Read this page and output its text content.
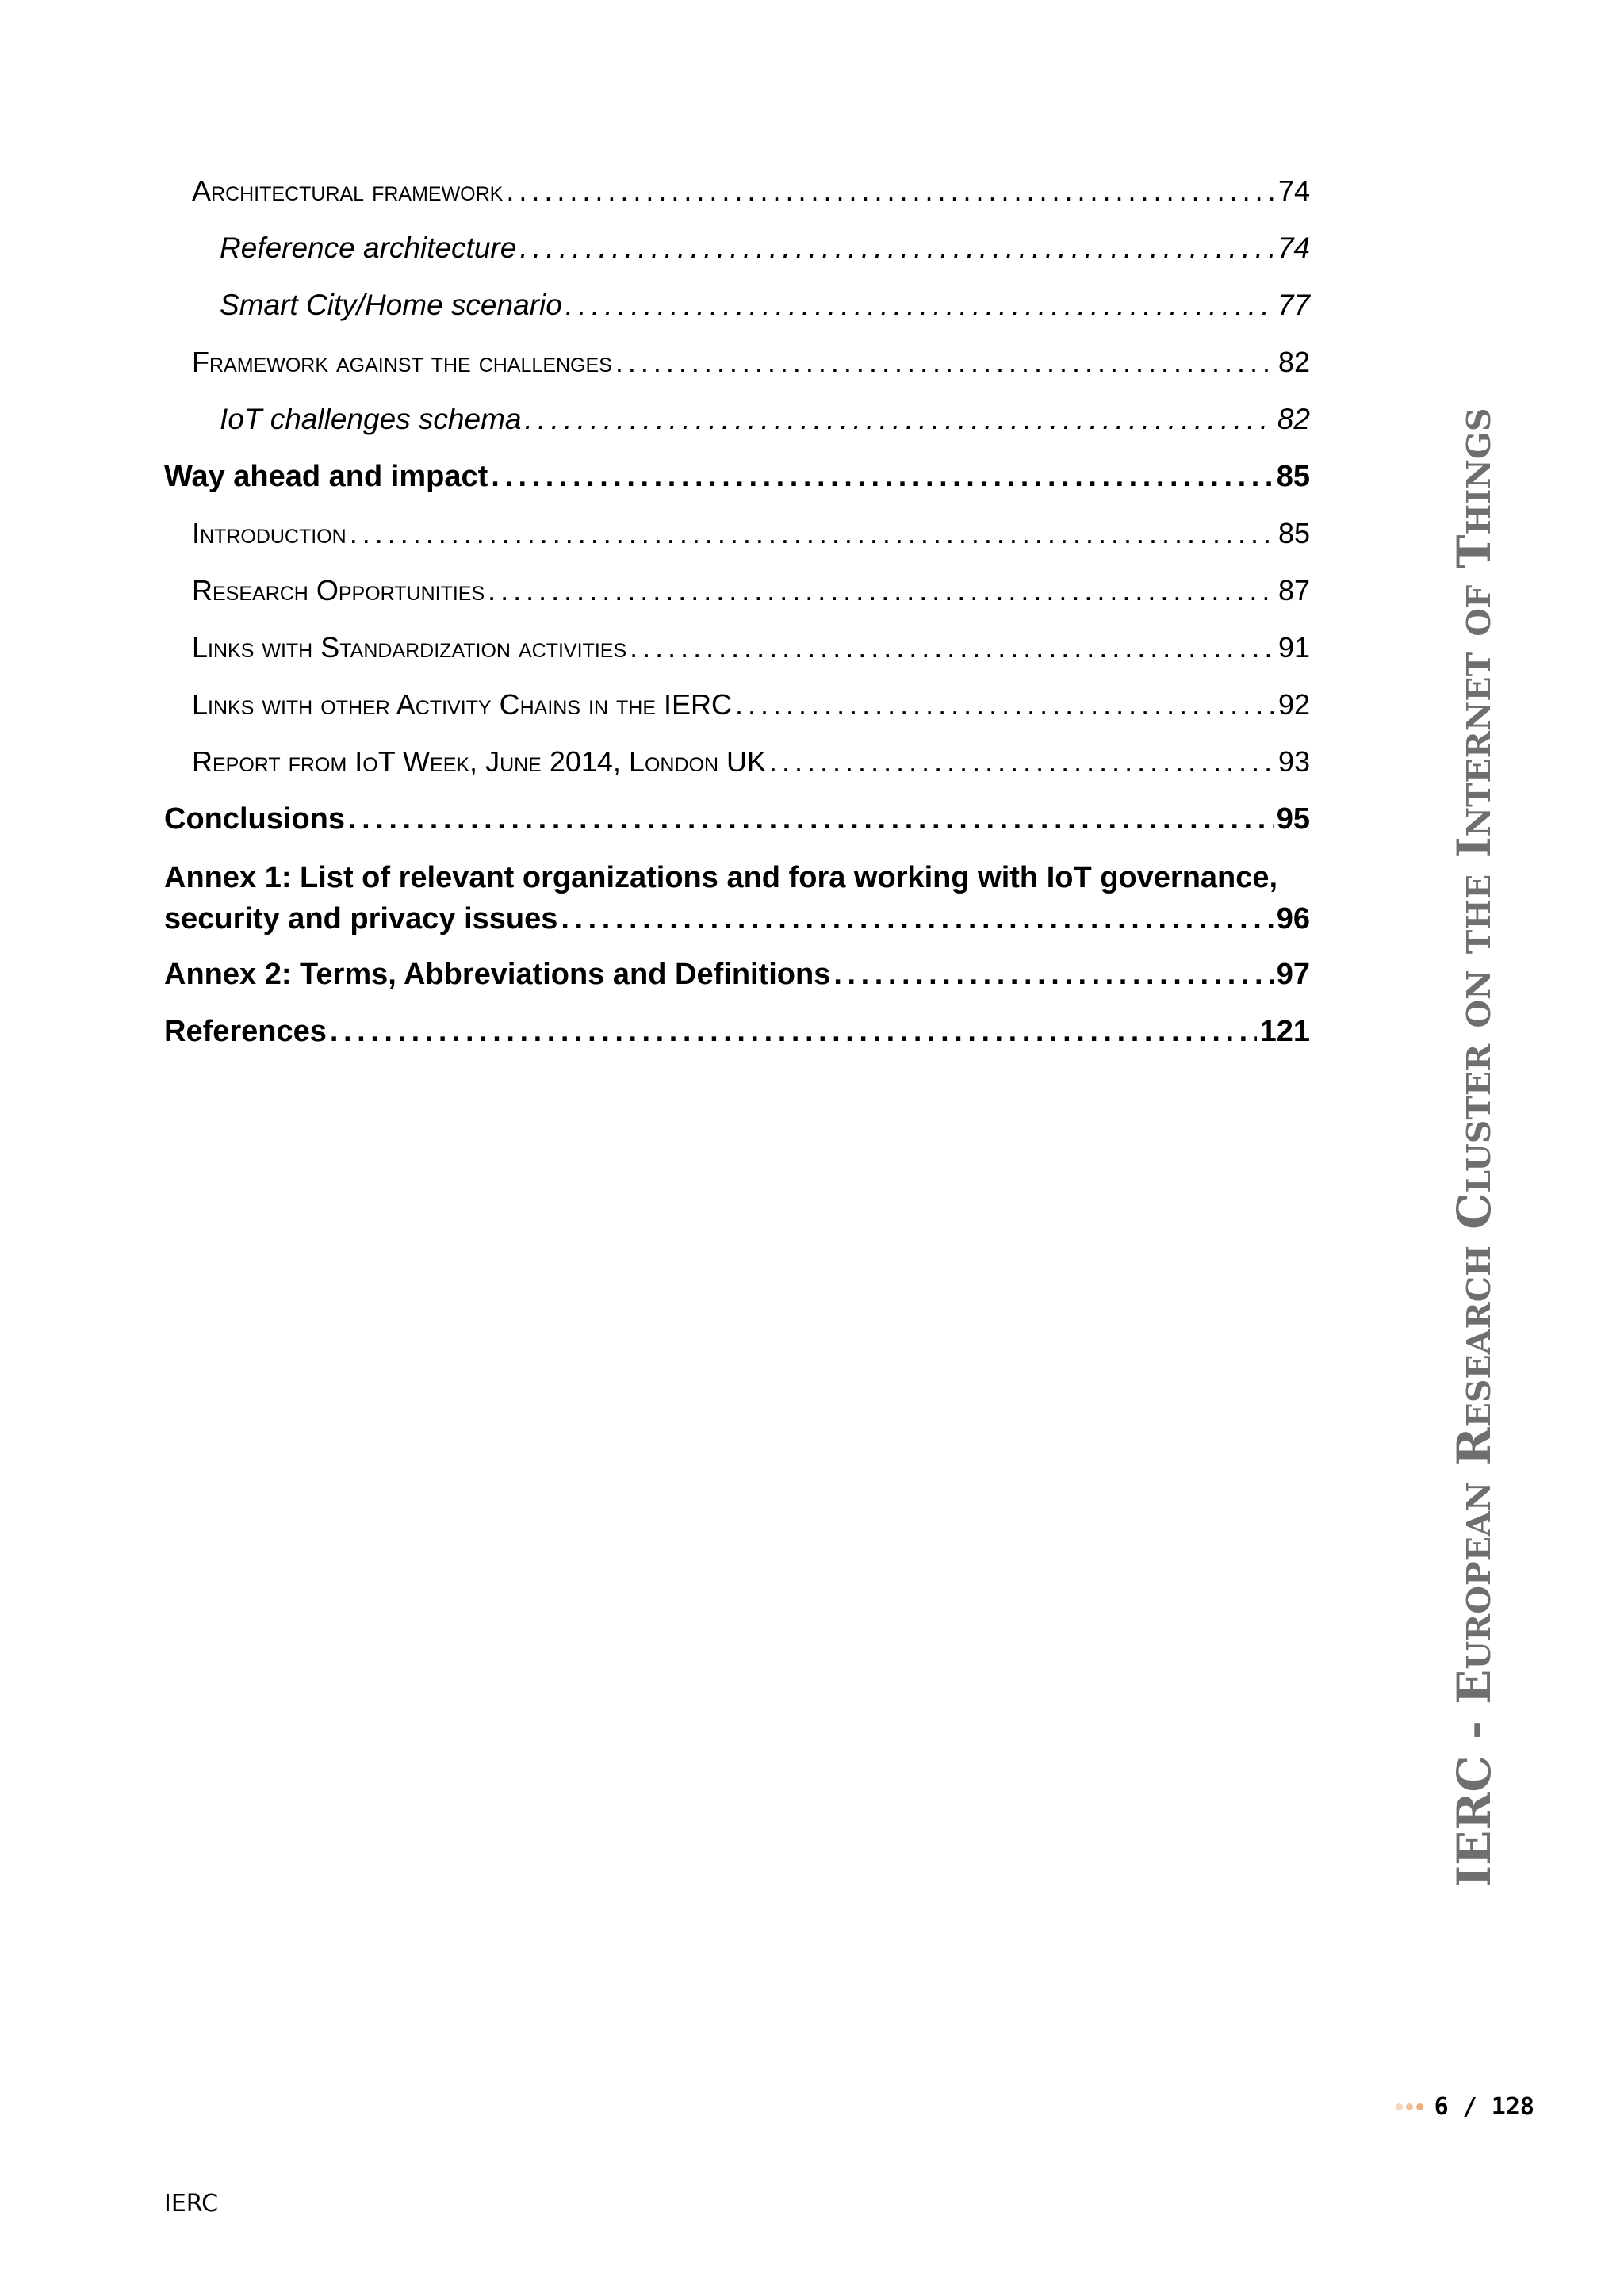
Architectural framework . . .	74
Reference architecture . . .	74
Smart City/Home scenario . . .	77
Framework against the challenges . . .	82
IoT challenges schema . . .	82
Way ahead and impact . . .	85
Introduction . . .	85
Research Opportunities . . .	87
Links with Standardization activities . . .	91
Links with other Activity Chains in the IERC . . .	92
Report from IoT Week, June 2014, London UK . . .	93
Conclusions . . .	95
Annex 1: List of relevant organizations and fora working with IoT governance,
security and privacy issues . . .	96
Annex 2: Terms, Abbreviations and Definitions . . .	97
References . . .	121	IERC - European Research Cluster on the Internet of Things
6 / 128
IERC
